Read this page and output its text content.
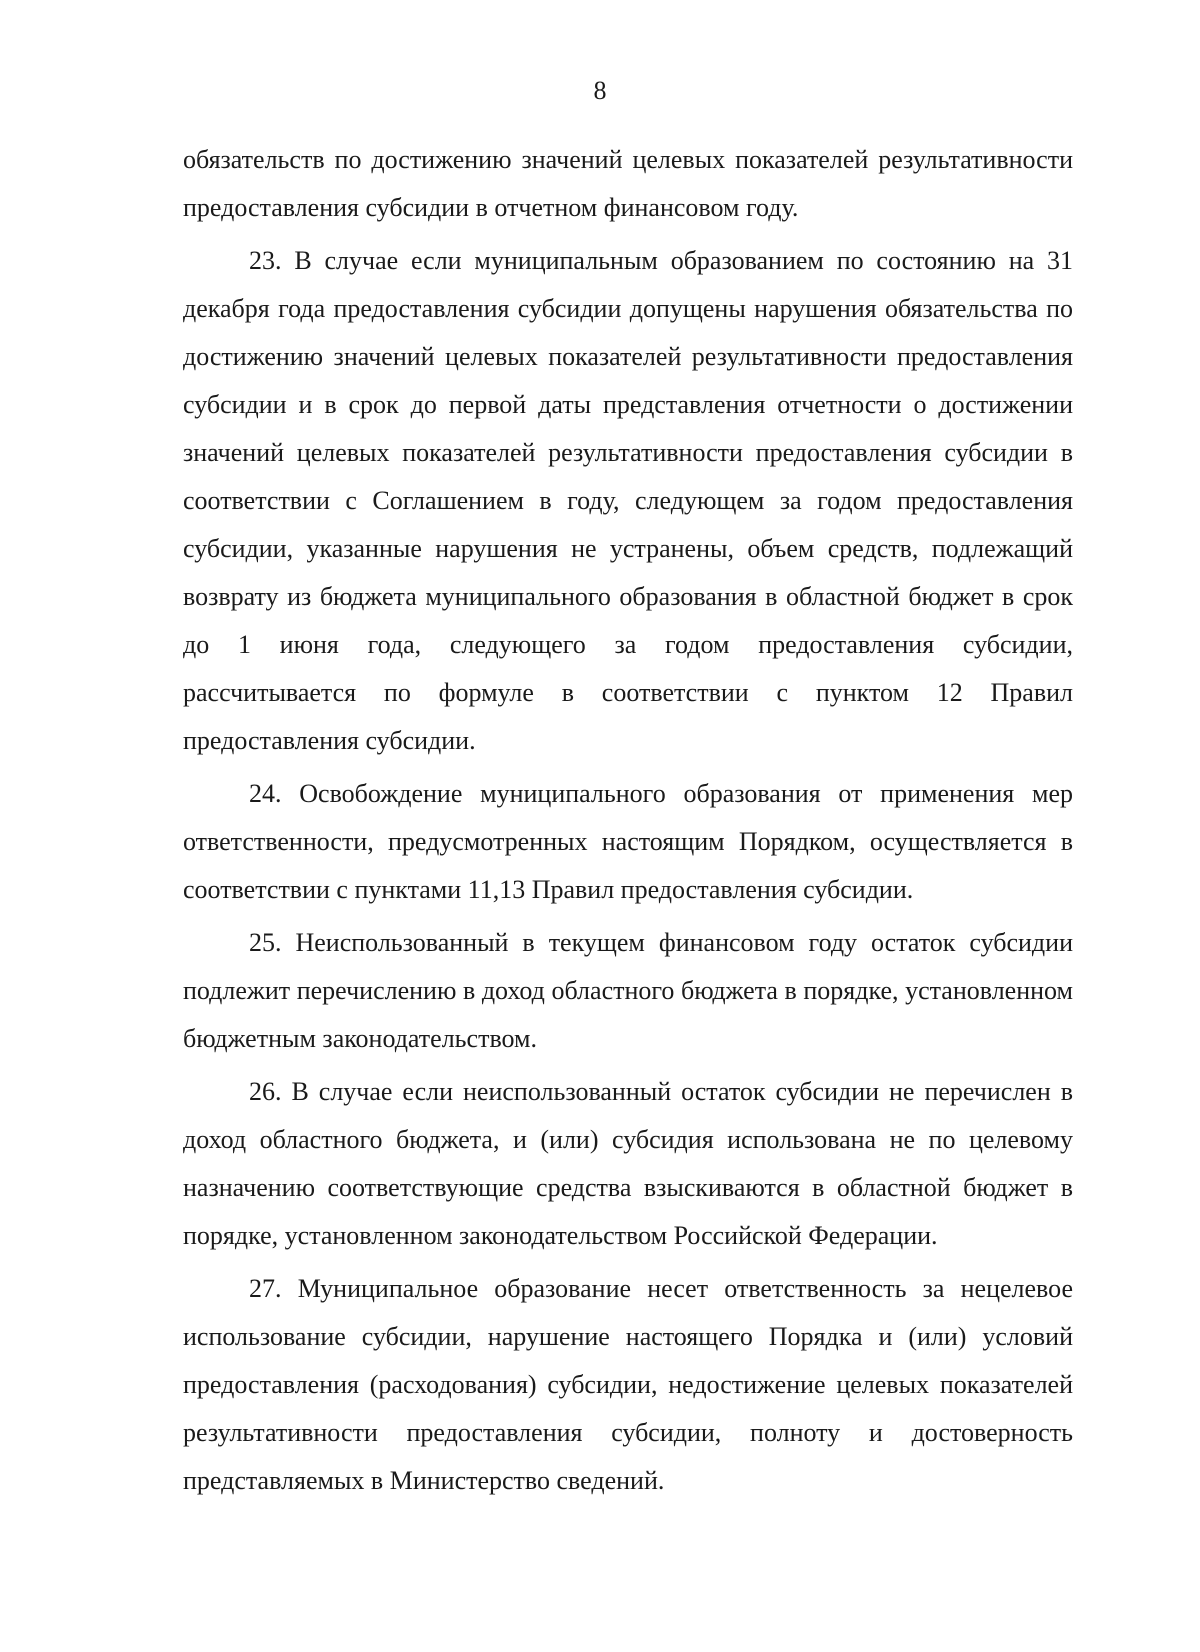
8

обязательств по достижению значений целевых показателей результативности предоставления субсидии в отчетном финансовом году.

23. В случае если муниципальным образованием по состоянию на 31 декабря года предоставления субсидии допущены нарушения обязательства по достижению значений целевых показателей результативности предоставления субсидии и в срок до первой даты представления отчетности о достижении значений целевых показателей результативности предоставления субсидии в соответствии с Соглашением в году, следующем за годом предоставления субсидии, указанные нарушения не устранены, объем средств, подлежащий возврату из бюджета муниципального образования в областной бюджет в срок до 1 июня года, следующего за годом предоставления субсидии, рассчитывается по формуле в соответствии с пунктом 12 Правил предоставления субсидии.

24. Освобождение муниципального образования от применения мер ответственности, предусмотренных настоящим Порядком, осуществляется в соответствии с пунктами 11,13 Правил предоставления субсидии.

25. Неиспользованный в текущем финансовом году остаток субсидии подлежит перечислению в доход областного бюджета в порядке, установленном бюджетным законодательством.

26. В случае если неиспользованный остаток субсидии не перечислен в доход областного бюджета, и (или) субсидия использована не по целевому назначению соответствующие средства взыскиваются в областной бюджет в порядке, установленном законодательством Российской Федерации.

27. Муниципальное образование несет ответственность за нецелевое использование субсидии, нарушение настоящего Порядка и (или) условий предоставления (расходования) субсидии, недостижение целевых показателей результативности предоставления субсидии, полноту и достоверность представляемых в Министерство сведений.
